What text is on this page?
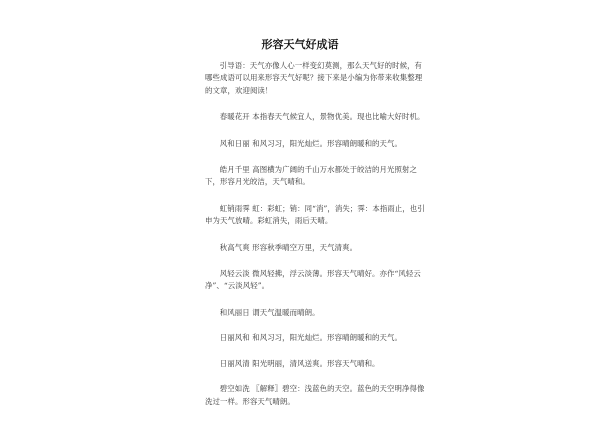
形容天气好成语

引导语：天气亦像人心一样变幻莫测，那么天气好的时候，有哪些成语可以用来形容天气好呢？接下来是小编为你带来收集整理的文章，欢迎阅读！

春暖花开 本指春天气候宜人，景物优美。现也比喻大好时机。

风和日丽 和风习习，阳光灿烂。形容晴朗暖和的天气。

皓月千里 高图横为广阔的千山万水都处于皎洁的月光照射之下，形容月光皎洁，天气晴和。

虹销雨霁 虹：彩虹；销：同“消”，消失；霁：本指雨止，也引申为天气放晴。彩虹消失，雨后天晴。

秋高气爽 形容秋季晴空万里，天气清爽。

风轻云淡 微风轻拂，浮云淡薄。形容天气晴好。亦作“风轻云净”、“云淡风轻”。

和风丽日 谓天气温暖而晴朗。

日丽风和 和风习习，阳光灿烂。形容晴朗暖和的天气。

日丽风清 阳光明丽，清风送爽。形容天气晴和。

碧空如洗 〖解释〗碧空：浅蓝色的天空。蓝色的天空明净得像洗过一样。形容天气晴朗。
